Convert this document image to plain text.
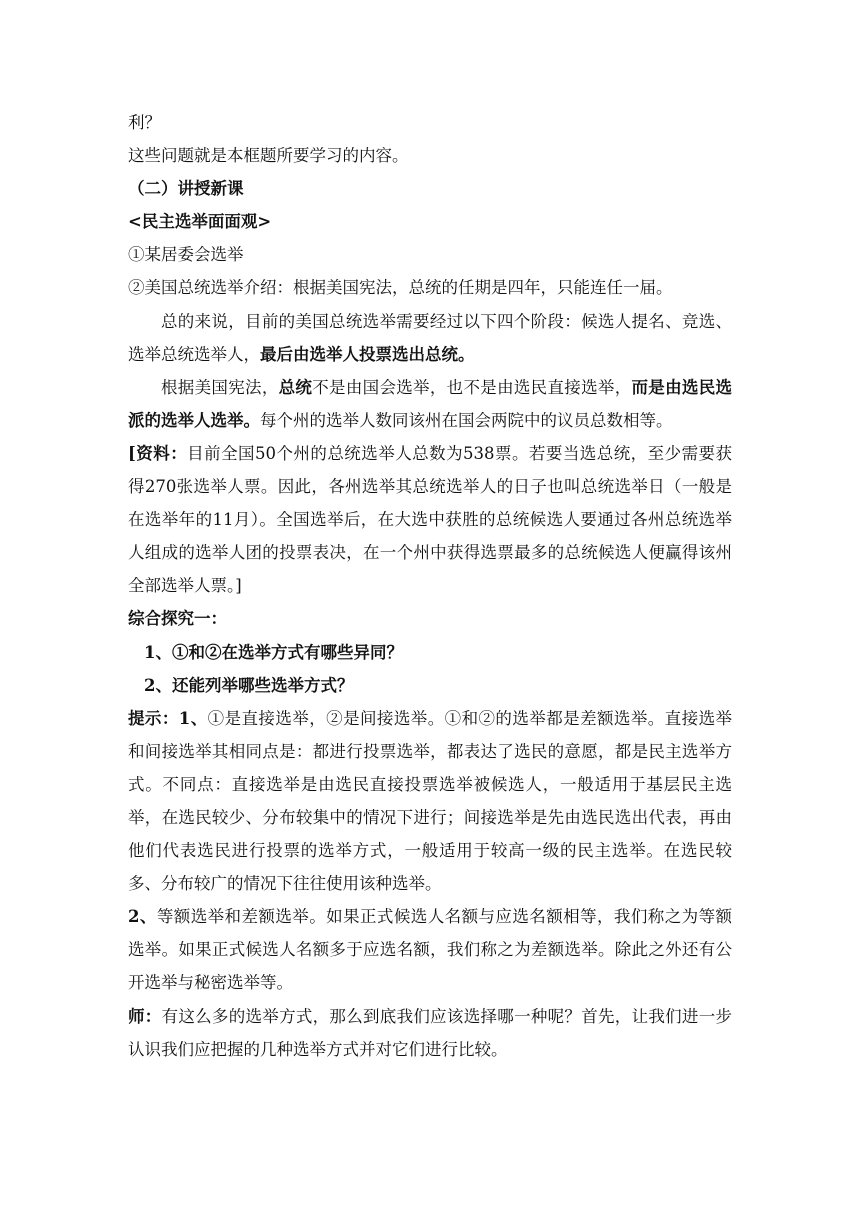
利？

这些问题就是本框题所要学习的内容。

（二）讲授新课

<民主选举面面观>

①某居委会选举

②美国总统选举介绍：根据美国宪法，总统的任期是四年，只能连任一届。

总的来说，目前的美国总统选举需要经过以下四个阶段：候选人提名、竞选、选举总统选举人，最后由选举人投票选出总统。

根据美国宪法，总统不是由国会选举，也不是由选民直接选举，而是由选民选派的选举人选举。每个州的选举人数同该州在国会两院中的议员总数相等。

[资料：目前全国50个州的总统选举人总数为538票。若要当选总统，至少需要获得270张选举人票。因此，各州选举其总统选举人的日子也叫总统选举日（一般是在选举年的11月）。全国选举后，在大选中获胜的总统候选人要通过各州总统选举人组成的选举人团的投票表决，在一个州中获得选票最多的总统候选人便赢得该州全部选举人票。]

综合探究一：

1、①和②在选举方式有哪些异同？

2、还能列举哪些选举方式？

提示：1、①是直接选举，②是间接选举。①和②的选举都是差额选举。直接选举和间接选举其相同点是：都进行投票选举，都表达了选民的意愿，都是民主选举方式。不同点：直接选举是由选民直接投票选举被候选人，一般适用于基层民主选举，在选民较少、分布较集中的情况下进行；间接选举是先由选民选出代表，再由他们代表选民进行投票的选举方式，一般适用于较高一级的民主选举。在选民较多、分布较广的情况下往往使用该种选举。

2、等额选举和差额选举。如果正式候选人名额与应选名额相等，我们称之为等额选举。如果正式候选人名额多于应选名额，我们称之为差额选举。除此之外还有公开选举与秘密选举等。

师：有这么多的选举方式，那么到底我们应该选择哪一种呢？首先，让我们进一步认识我们应把握的几种选举方式并对它们进行比较。
